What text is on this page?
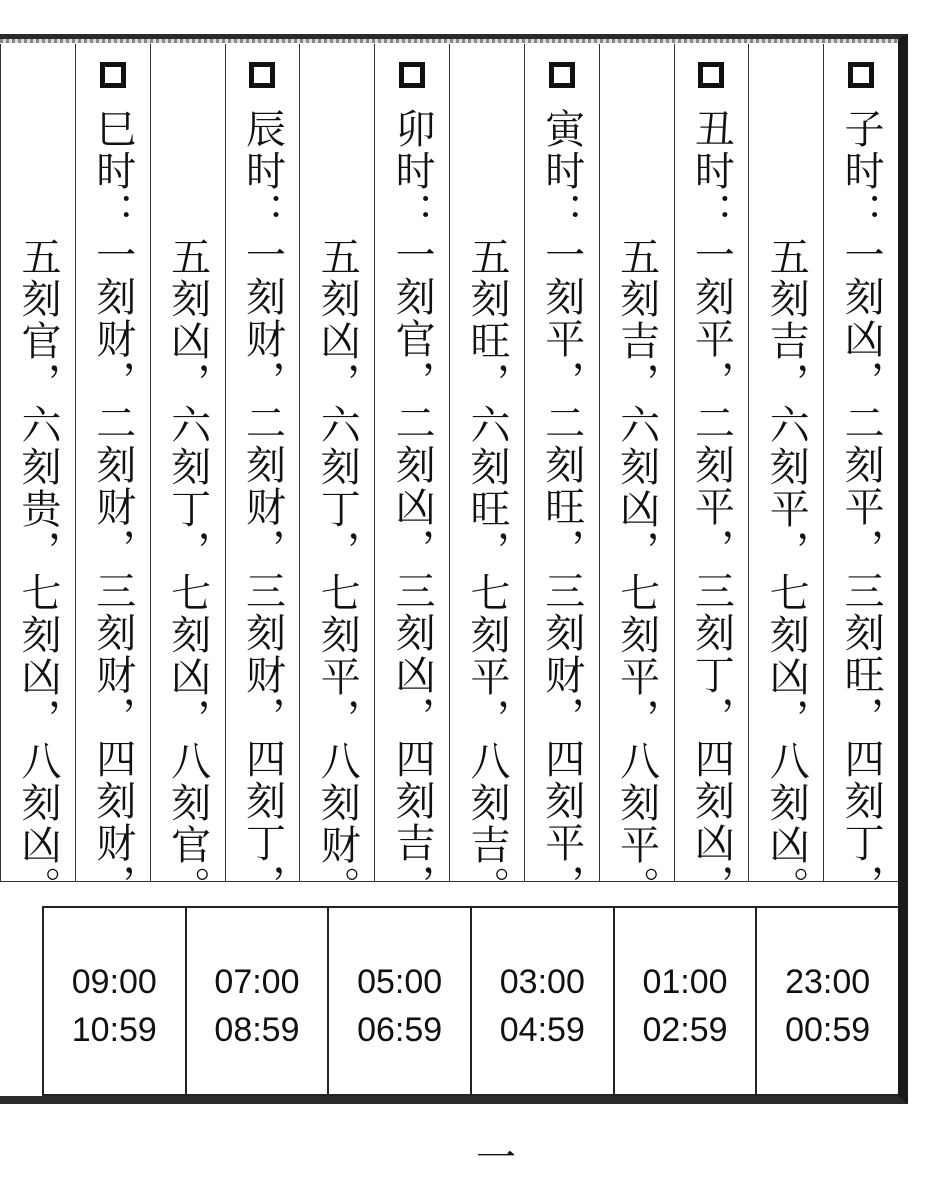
子时：一刻凶，二刻平，三刻旺，四刻丁，
五刻吉，六刻平，七刻凶，八刻凶。
丑时：一刻平，二刻平，三刻丁，四刻凶，
五刻吉，六刻凶，七刻平，八刻平。
寅时：一刻平，二刻旺，三刻财，四刻平，
五刻旺，六刻旺，七刻平，八刻吉。
卯时：一刻官，二刻凶，三刻凶，四刻吉，
五刻凶，六刻丁，七刻平，八刻财。
辰时：一刻财，二刻财，三刻财，四刻丁，
五刻凶，六刻丁，七刻凶，八刻官。
巳时：一刻财，二刻财，三刻财，四刻财，
五刻官，六刻贵，七刻凶，八刻凶。
23:00
00:59
01:00
02:59
03:00
04:59
05:00
06:59
07:00
08:59
09:00
10:59
一
